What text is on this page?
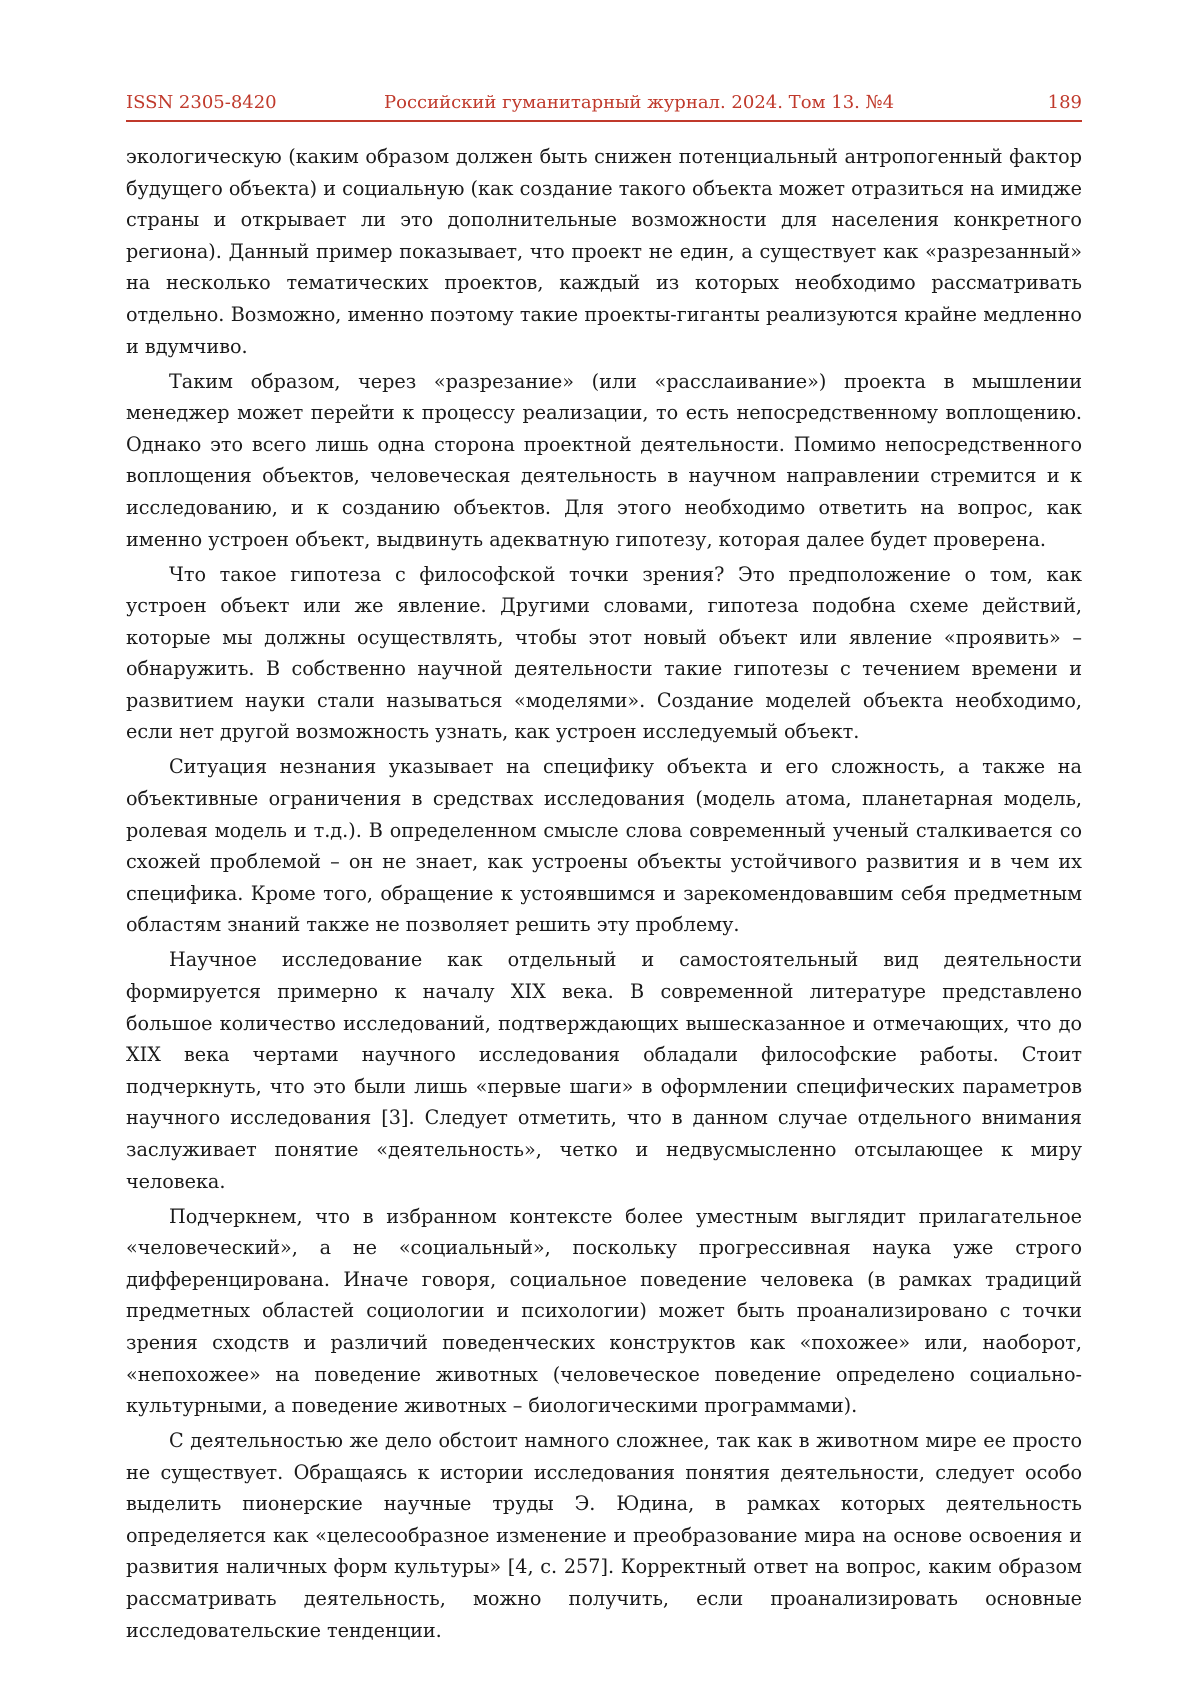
ISSN 2305-8420	Российский гуманитарный журнал. 2024. Том 13. №4	189

экологическую (каким образом должен быть снижен потенциальный антропогенный фактор будущего объекта) и социальную (как создание такого объекта может отразиться на имидже страны и открывает ли это дополнительные возможности для населения конкретного региона). Данный пример показывает, что проект не един, а существует как «разрезанный» на несколько тематических проектов, каждый из которых необходимо рассматривать отдельно. Возможно, именно поэтому такие проекты-гиганты реализуются крайне медленно и вдумчиво.

Таким образом, через «разрезание» (или «расслаивание») проекта в мышлении менеджер может перейти к процессу реализации, то есть непосредственному воплощению. Однако это всего лишь одна сторона проектной деятельности. Помимо непосредственного воплощения объектов, человеческая деятельность в научном направлении стремится и к исследованию, и к созданию объектов. Для этого необходимо ответить на вопрос, как именно устроен объект, выдвинуть адекватную гипотезу, которая далее будет проверена.

Что такое гипотеза с философской точки зрения? Это предположение о том, как устроен объект или же явление. Другими словами, гипотеза подобна схеме действий, которые мы должны осуществлять, чтобы этот новый объект или явление «проявить» – обнаружить. В собственно научной деятельности такие гипотезы с течением времени и развитием науки стали называться «моделями». Создание моделей объекта необходимо, если нет другой возможность узнать, как устроен исследуемый объект.

Ситуация незнания указывает на специфику объекта и его сложность, а также на объективные ограничения в средствах исследования (модель атома, планетарная модель, ролевая модель и т.д.). В определенном смысле слова современный ученый сталкивается со схожей проблемой – он не знает, как устроены объекты устойчивого развития и в чем их специфика. Кроме того, обращение к устоявшимся и зарекомендовавшим себя предметным областям знаний также не позволяет решить эту проблему.

Научное исследование как отдельный и самостоятельный вид деятельности формируется примерно к началу XIX века. В современной литературе представлено большое количество исследований, подтверждающих вышесказанное и отмечающих, что до XIX века чертами научного исследования обладали философские работы. Стоит подчеркнуть, что это были лишь «первые шаги» в оформлении специфических параметров научного исследования [3]. Следует отметить, что в данном случае отдельного внимания заслуживает понятие «деятельность», четко и недвусмысленно отсылающее к миру человека.

Подчеркнем, что в избранном контексте более уместным выглядит прилагательное «человеческий», а не «социальный», поскольку прогрессивная наука уже строго дифференцирована. Иначе говоря, социальное поведение человека (в рамках традиций предметных областей социологии и психологии) может быть проанализировано с точки зрения сходств и различий поведенческих конструктов как «похожее» или, наоборот, «непохожее» на поведение животных (человеческое поведение определено социально-культурными, а поведение животных – биологическими программами).

С деятельностью же дело обстоит намного сложнее, так как в животном мире ее просто не существует. Обращаясь к истории исследования понятия деятельности, следует особо выделить пионерские научные труды Э. Юдина, в рамках которых деятельность определяется как «целесообразное изменение и преобразование мира на основе освоения и развития наличных форм культуры» [4, с. 257]. Корректный ответ на вопрос, каким образом рассматривать деятельность, можно получить, если проанализировать основные исследовательские тенденции.
